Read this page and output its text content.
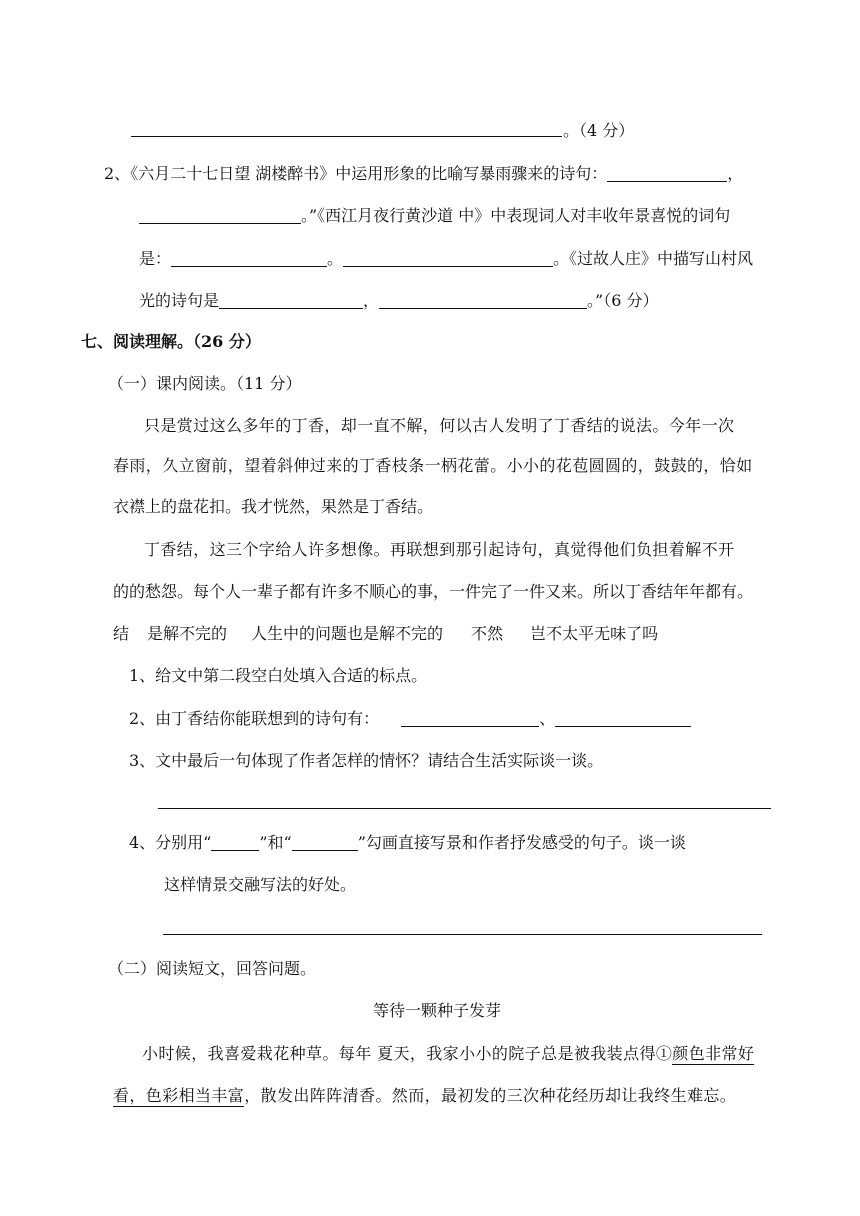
。（4 分）
2、《六月二十七日望 湖楼醉书》中运用形象的比喻写暴雨骤来的诗句：	，
。”《西江月夜行黄沙道 中》中表现词人对丰收年景喜悦的词句
是：	。	。《过故人庄》中描写山村风
光的诗句是	，	。”（6 分）
七、阅读理解。（26 分）
（一）课内阅读。（11 分）
只是赏过这么多年的丁香，却一直不解，何以古人发明了丁香结的说法。今年一次
春雨，久立窗前，望着斜伸过来的丁香枝条一柄花蕾。小小的花苞圆圆的，鼓鼓的，恰如
衣襟上的盘花扣。我才恍然，果然是丁香结。
丁香结，这三个字给人许多想像。再联想到那引起诗句，真觉得他们负担着解不开
的的愁怨。每个人一辈子都有许多不顺心的事，一件完了一件又来。所以丁香结年年都有。
结 是解不完的 人生中的问题也是解不完的 不然 岂不太平无味了吗
1、给文中第二段空白处填入合适的标点。
2、由丁香结你能联想到的诗句有：	、
3、文中最后一句体现了作者怎样的情怀？请结合生活实际谈一谈。
4、分别用“	”和“	”勾画直接写景和作者抒发感受的句子。谈一谈
这样情景交融写法的好处。
（二）阅读短文，回答问题。
等待一颗种子发芽
小时候，我喜爱栽花种草。每年 夏天，我家小小的院子总是被我装点得①颜色非常好
看，色彩相当丰富，散发出阵阵清香。然而，最初发的三次种花经历却让我终生难忘。
